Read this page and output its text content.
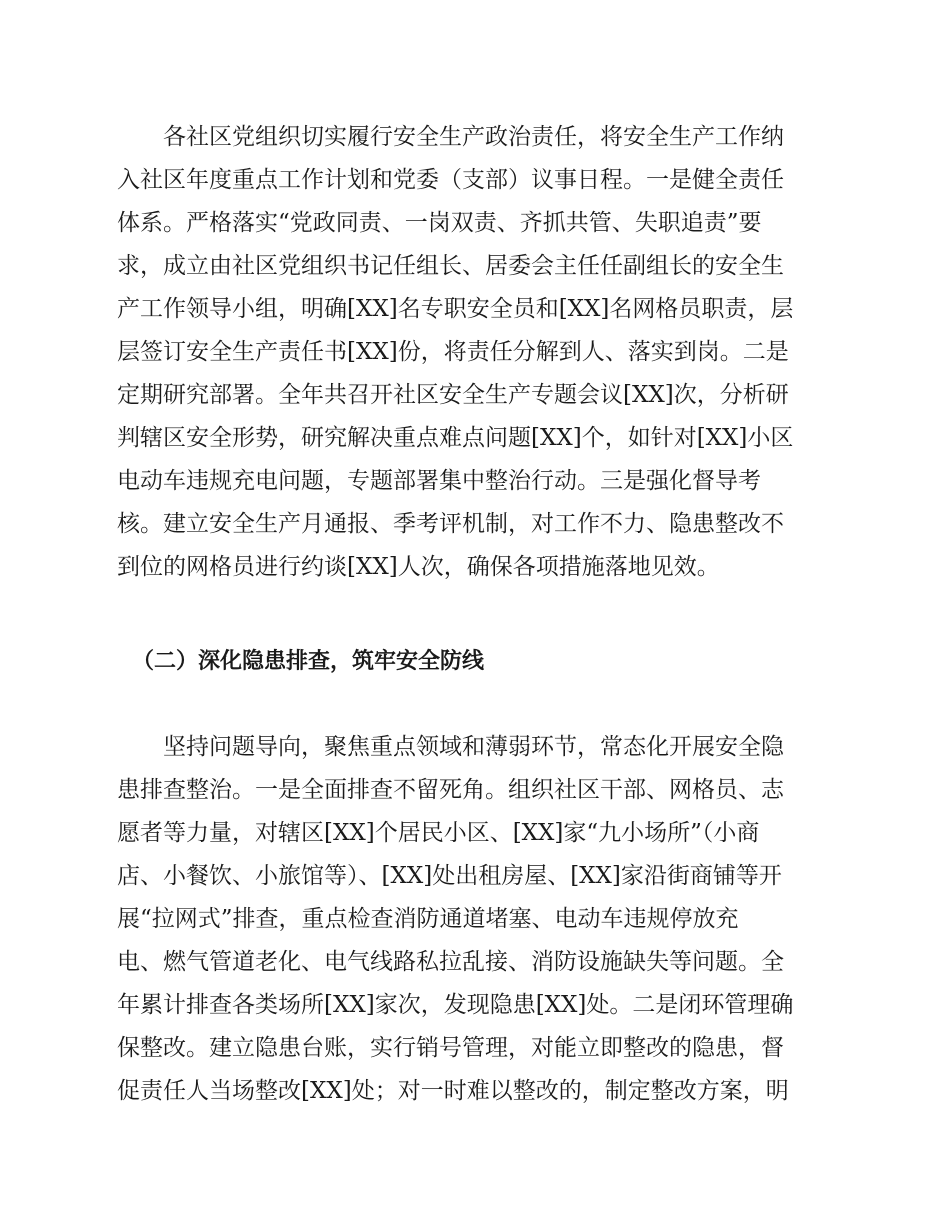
　　各社区党组织切实履行安全生产政治责任，将安全生产工作纳
入社区年度重点工作计划和党委（支部）议事日程。一是健全责任
体系。严格落实“党政同责、一岗双责、齐抓共管、失职追责”要
求，成立由社区党组织书记任组长、居委会主任任副组长的安全生
产工作领导小组，明确[XX]名专职安全员和[XX]名网格员职责，层
层签订安全生产责任书[XX]份，将责任分解到人、落实到岗。二是
定期研究部署。全年共召开社区安全生产专题会议[XX]次，分析研
判辖区安全形势，研究解决重点难点问题[XX]个，如针对[XX]小区
电动车违规充电问题，专题部署集中整治行动。三是强化督导考
核。建立安全生产月通报、季考评机制，对工作不力、隐患整改不
到位的网格员进行约谈[XX]人次，确保各项措施落地见效。
（二）深化隐患排查，筑牢安全防线
　　坚持问题导向，聚焦重点领域和薄弱环节，常态化开展安全隐
患排查整治。一是全面排查不留死角。组织社区干部、网格员、志
愿者等力量，对辖区[XX]个居民小区、[XX]家“九小场所”（小商
店、小餐饮、小旅馆等）、[XX]处出租房屋、[XX]家沿街商铺等开
展“拉网式”排查，重点检查消防通道堵塞、电动车违规停放充
电、燃气管道老化、电气线路私拉乱接、消防设施缺失等问题。全
年累计排查各类场所[XX]家次，发现隐患[XX]处。二是闭环管理确
保整改。建立隐患台账，实行销号管理，对能立即整改的隐患，督
促责任人当场整改[XX]处；对一时难以整改的，制定整改方案，明
